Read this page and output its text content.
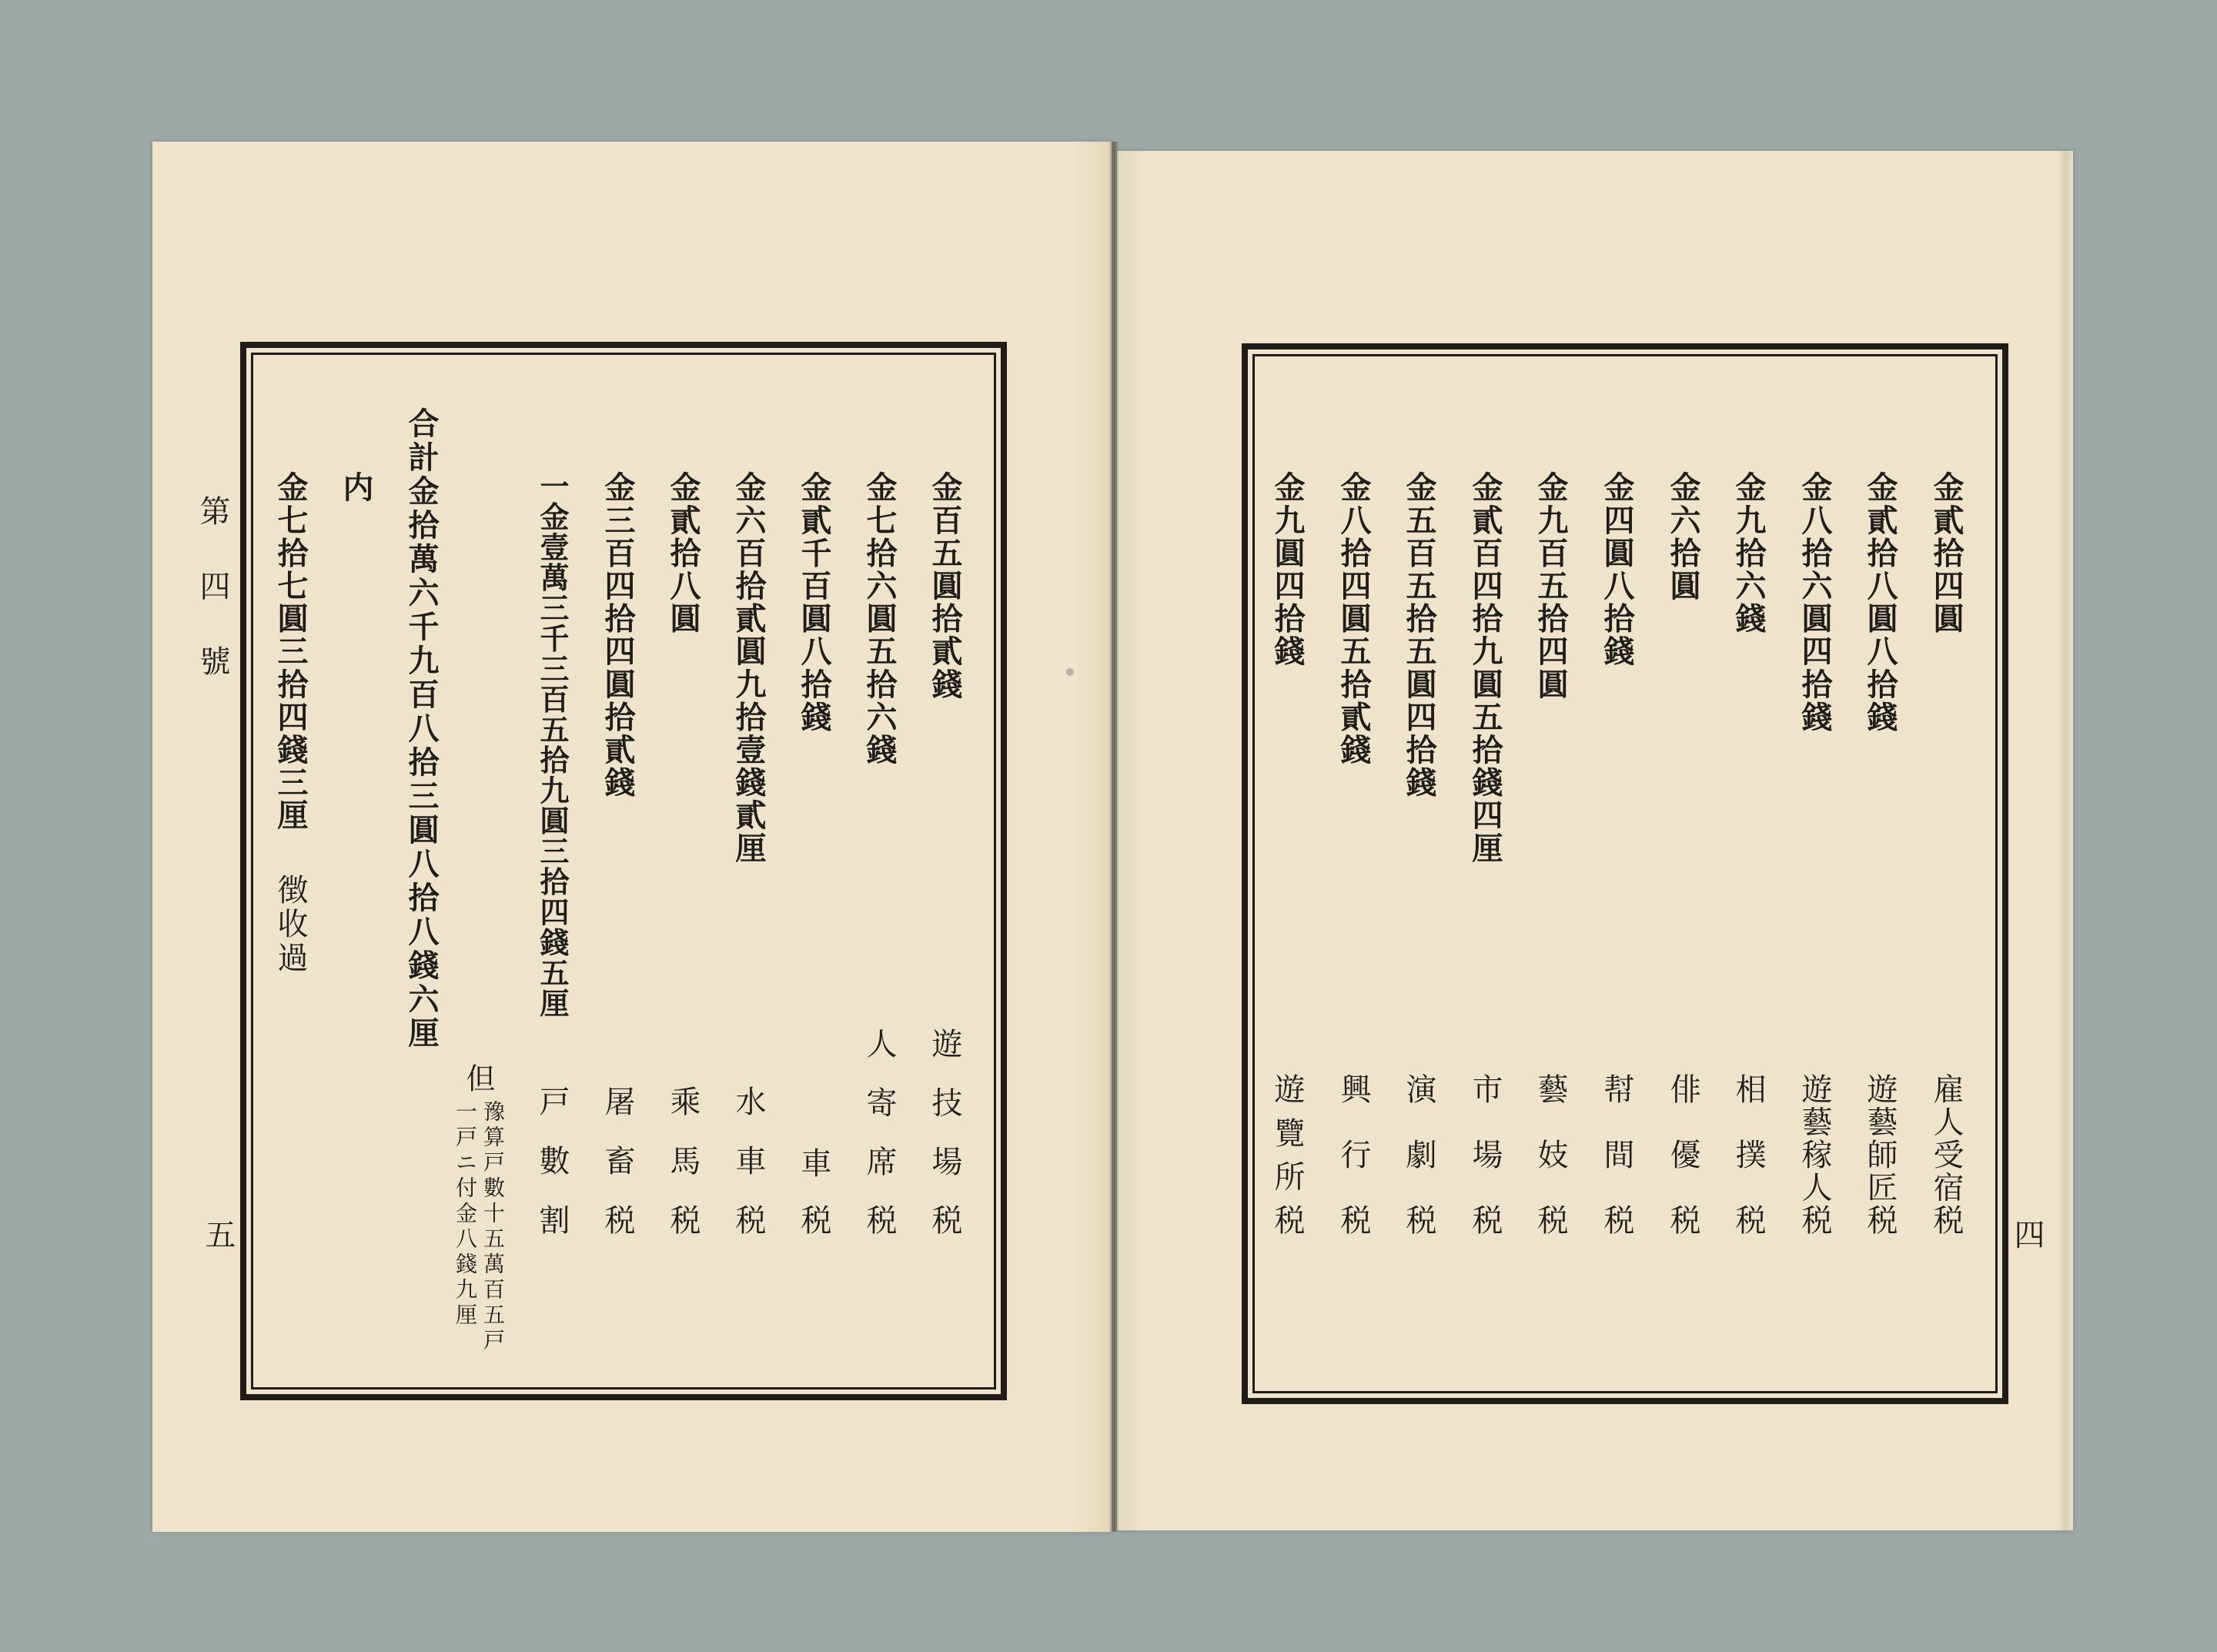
第四號	金百五圓拾貳錢
遊技場税
金七拾六圓五拾六錢
人寄席税
金貳千百圓八拾錢
車税
金六百拾貳圓九拾壹錢貳厘
水車税
金貳拾八圓
乘馬税
金三百四拾四圓拾貳錢
屠畜税
一金壹萬三千三百五拾九圓三拾四錢五厘
戸數割
但
豫算戸數十五萬百五戸
一戸ニ付金八錢九厘
合計金拾萬六千九百八拾三圓八拾八錢六厘
内
金七拾七圓三拾四錢三厘
徴收過
五
金貳拾四圓
雇人受宿税
金貳拾八圓八拾錢
遊藝師匠税
金八拾六圓四拾錢
遊藝稼人税
金九拾六錢
相撲税
金六拾圓
俳優税
金四圓八拾錢
幇間税
金九百五拾四圓
藝妓税
金貳百四拾九圓五拾錢四厘
市場税
金五百五拾五圓四拾錢
演劇税
金八拾四圓五拾貳錢
興行税
金九圓四拾錢
遊覽所税	四
